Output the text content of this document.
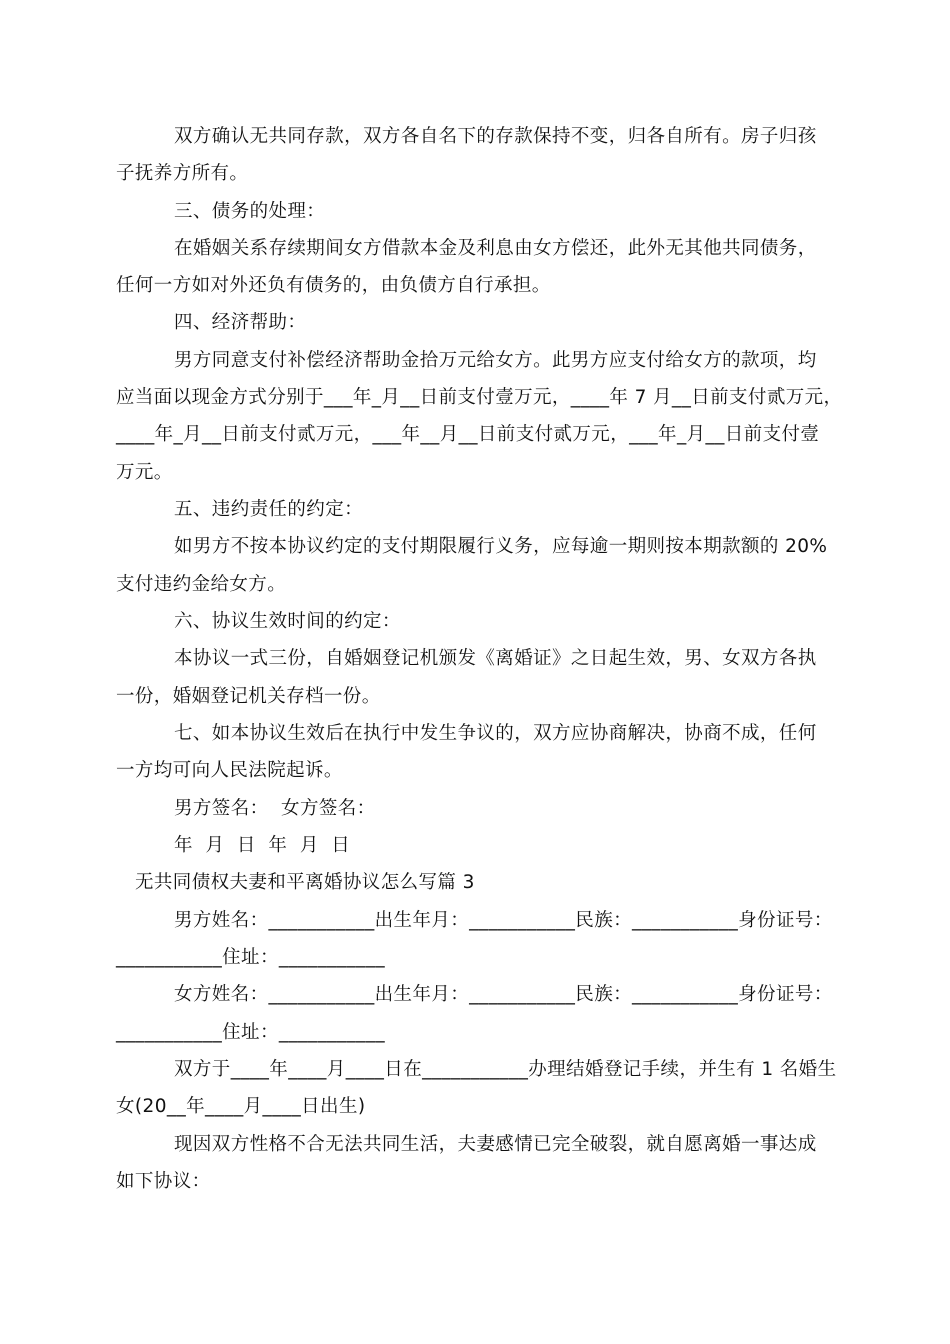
双方确认无共同存款，双方各自名下的存款保持不变，归各自所有。房子归孩
子抚养方所有。
三、债务的处理：
在婚姻关系存续期间女方借款本金及利息由女方偿还，此外无其他共同债务，
任何一方如对外还负有债务的，由负债方自行承担。
四、经济帮助：
男方同意支付补偿经济帮助金拾万元给女方。此男方应支付给女方的款项，均
应当面以现金方式分别于___年_月__日前支付壹万元，____年 7 月__日前支付贰万元，
____年_月__日前支付贰万元，___年__月__日前支付贰万元，___年_月__日前支付壹
万元。
五、违约责任的约定：
如男方不按本协议约定的支付期限履行义务，应每逾一期则按本期款额的 20%
支付违约金给女方。
六、协议生效时间的约定：
本协议一式三份，自婚姻登记机颁发《离婚证》之日起生效，男、女双方各执
一份，婚姻登记机关存档一份。
七、如本协议生效后在执行中发生争议的，双方应协商解决，协商不成，任何
一方均可向人民法院起诉。
男方签名：  女方签名：
年  月  日  年  月  日
无共同债权夫妻和平离婚协议怎么写篇 3
男方姓名：___________出生年月：___________民族：___________身份证号：
___________住址：___________
女方姓名：___________出生年月：___________民族：___________身份证号：
___________住址：___________
双方于____年____月____日在___________办理结婚登记手续，并生有 1 名婚生
女(20__年____月____日出生)
现因双方性格不合无法共同生活，夫妻感情已完全破裂，就自愿离婚一事达成
如下协议：
